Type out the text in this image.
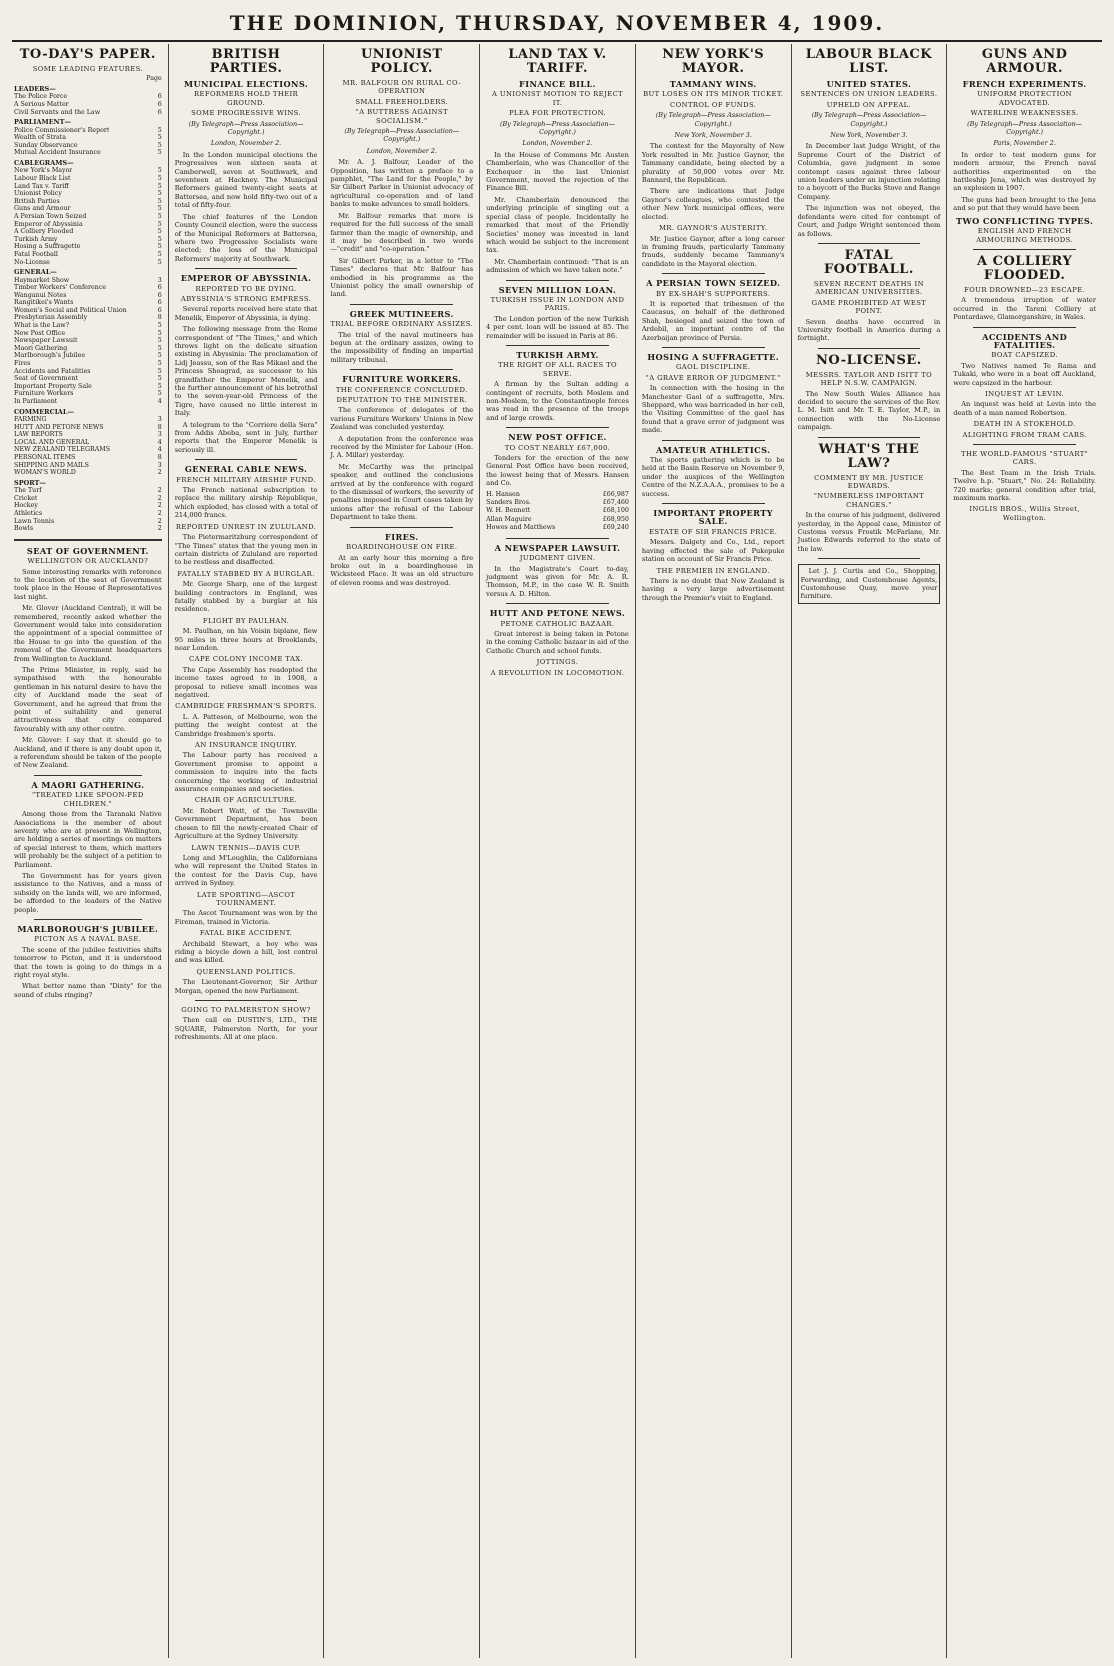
THE DOMINION, THURSDAY, NOVEMBER 4, 1909.
TO-DAY'S PAPER.
SOME LEADING FEATURES.
Page
LEADERS—
The Police Force	6
A Serious Matter	6
Civil Servants and the Law	6
PARLIAMENT—
Police Commissioner's Report	5
Wealth of Strata	5
Sunday Observance	5
Mutual Accident Insurance	5
CABLEGRAMS—
New York's Mayor	5
Labour Black List	5
Land Tax v. Tariff	5
Unionist Policy	5
British Parties	5
Guns and Armour	5
A Persian Town Seized	5
Emperor of Abyssinia	5
A Colliery Flooded	5
Turkish Army	5
Hosing a Suffragette	5
Fatal Football	5
No-License	5
GENERAL—
Haymarket Show	3
Timber Workers' Conference	6
Wanganui Notes	6
Rangitikei's Wants	6
Women's Social and Political Union	6
Presbyterian Assembly	8
What is the Law?	5
New Post Office	5
Newspaper Lawsuit	5
Maori Gathering	5
Marlborough's Jubilee	5
Fires	5
Accidents and Fatalities	5
Seat of Government	5
Important Property Sale	5
Furniture Workers	5
In Parliament	4
COMMERCIAL—
FARMING	3
HUTT AND PETONE NEWS	8
LAW REPORTS	3
LOCAL AND GENERAL	4
NEW ZEALAND TELEGRAMS	4
PERSONAL ITEMS	8
SHIPPING AND MAILS	3
WOMAN'S WORLD	2
SPORT—
The Turf	2
Cricket	2
Hockey	2
Athletics	2
Lawn Tennis	2
Bowls	2
SEAT OF GOVERNMENT.
WELLINGTON OR AUCKLAND?
Some interesting remarks with reference to the location of the seat of Government took place in the House of Representatives last night.
Mr. Glover (Auckland Central), it will be remembered, recently asked whether the Government would take into consideration the appointment of a special committee of the House to go into the question of the removal of the Government headquarters from Wellington to Auckland.
The Prime Minister, in reply, said he sympathised with the honourable gentleman in his natural desire to have the city of Auckland made the seat of Government, and he agreed that from the point of suitability and general attractiveness that city compared favourably with any other centre.
Mr. Glover: I say that it should go to Auckland, and if there is any doubt upon it, a referendum should be taken of the people of New Zealand.
A MAORI GATHERING.
"TREATED LIKE SPOON-FED CHILDREN."
Among those from the Taranaki Native Associations is the member of about seventy who are at present in Wellington, are holding a series of meetings on matters of special interest to them, which matters will probably be the subject of a petition to Parliament.
The Government has for years given assistance to the Natives, and a mass of subsidy on the lands will, we are informed, be afforded to the leaders of the Native people.
MARLBOROUGH'S JUBILEE.
PICTON AS A NAVAL BASE.
The scene of the jubilee festivities shifts tomorrow to Picton, and it is understood that the town is going to do things in a right royal style.
What better name than "Dinty" for the sound of clubs ringing?
BRITISH PARTIES.
MUNICIPAL ELECTIONS.
REFORMERS HOLD THEIR GROUND.
SOME PROGRESSIVE WINS.
(By Telegraph—Press Association—Copyright.)
London, November 2.
In the London municipal elections the Progressives won sixteen seats at Camberwell, seven at Southwark, and seventeen at Hackney. The Municipal Reformers gained twenty-eight seats at Battersea, and now hold fifty-two out of a total of fifty-four.
The chief features of the London County Council election, were the success of the Municipal Reformers at Battersea, where two Progressive Socialists were elected; the loss of the Municipal Reformers' majority at Southwark.
EMPEROR OF ABYSSINIA.
REPORTED TO BE DYING.
ABYSSINIA'S STRONG EMPRESS.
Several reports received here state that Menelik, Emperor of Abyssinia, is dying.
The following message from the Rome correspondent of "The Times," and which throws light on the delicate situation existing in Abyssinia: The proclamation of Lidj Jeassu, son of the Ras Mikael and the Princess Shoagrad, as successor to his grandfather the Emperor Menelik, and the further announcement of his betrothal to the seven-year-old Princess of the Tigre, have caused no little interest in Italy.
A telegram to the "Corriere della Sera" from Addis Abeba, sent in July, further reports that the Emperor Menelik is seriously ill.
GENERAL CABLE NEWS.
FRENCH MILITARY AIRSHIP FUND.
The French national subscription to replace the military airship République, which exploded, has closed with a total of 214,000 francs.
REPORTED UNREST IN ZULULAND.
The Pietermaritzburg correspondent of "The Times" states that the young men in certain districts of Zululand are reported to be restless and disaffected.
FATALLY STABBED BY A BURGLAR.
Mr. George Sharp, one of the largest building contractors in England, was fatally stabbed by a burglar at his residence.
FLIGHT BY PAULHAN.
M. Paulhan, on his Voisin biplane, flew 95 miles in three hours at Brooklands, near London.
CAPE COLONY INCOME TAX.
The Cape Assembly has readopted the income taxes agreed to in 1908, a proposal to relieve small incomes was negatived.
CAMBRIDGE FRESHMAN'S SPORTS.
L. A. Patteson, of Melbourne, won the putting the weight contest at the Cambridge freshmen's sports.
AN INSURANCE INQUIRY.
The Labour party has received a Government promise to appoint a commission to inquire into the facts concerning the working of industrial assurance companies and societies.
CHAIR OF AGRICULTURE.
Mr. Robert Watt, of the Townsville Government Department, has been chosen to fill the newly-created Chair of Agriculture at the Sydney University.
LAWN TENNIS—DAVIS CUP.
Long and M'Loughlin, the Californians who will represent the United States in the contest for the Davis Cup, have arrived in Sydney.
LATE SPORTING—ASCOT TOURNAMENT.
The Ascot Tournament was won by the Fireman, trained in Victoria.
FATAL BIKE ACCIDENT.
Archibald Stewart, a boy who was riding a bicycle down a hill, lost control and was killed.
QUEENSLAND POLITICS.
The Lieutenant-Governor, Sir Arthur Morgan, opened the new Parliament.
GOING TO PALMERSTON SHOW?
Then call on DUSTIN'S, LTD., THE SQUARE, Palmerston North, for your refreshments. All at one place.
UNIONIST POLICY.
MR. BALFOUR ON RURAL CO-OPERATION
SMALL FREEHOLDERS.
"A BUTTRESS AGAINST SOCIALISM."
(By Telegraph—Press Association—Copyright.)
London, November 2.
Mr. A. J. Balfour, Leader of the Opposition, has written a preface to a pamphlet, "The Land for the People," by Sir Gilbert Parker in Unionist advocacy of agricultural co-operation and of land banks to make advances to small holders.
Mr. Balfour remarks that more is required for the full success of the small farmer than the magic of ownership, and it may be described in two words—"credit" and "co-operation."
Sir Gilbert Parker, in a letter to "The Times" declares that Mr. Balfour has embodied in his programme as the Unionist policy the small ownership of land.
GREEK MUTINEERS.
TRIAL BEFORE ORDINARY ASSIZES.
The trial of the naval mutineers has begun at the ordinary assizes, owing to the impossibility of finding an impartial military tribunal.
FURNITURE WORKERS.
THE CONFERENCE CONCLUDED.
DEPUTATION TO THE MINISTER.
The conference of delegates of the various Furniture Workers' Unions in New Zealand was concluded yesterday.
A deputation from the conference was received by the Minister for Labour (Hon. J. A. Millar) yesterday.
Mr. McCarthy was the principal speaker, and outlined the conclusions arrived at by the conference with regard to the dismissal of workers, the severity of penalties imposed in Court cases taken by unions after the refusal of the Labour Department to take them.
FIRES.
BOARDINGHOUSE ON FIRE.
At an early hour this morning a fire broke out in a boardinghouse in Wicksteed Place. It was an old structure of eleven rooms and was destroyed.
LAND TAX V. TARIFF.
FINANCE BILL.
A UNIONIST MOTION TO REJECT IT.
PLEA FOR PROTECTION.
(By Telegraph—Press Association—Copyright.)
London, November 2.
In the House of Commons Mr. Austen Chamberlain, who was Chancellor of the Exchequer in the last Unionist Government, moved the rejection of the Finance Bill.
Mr. Chamberlain denounced the underlying principle of singling out a special class of people. Incidentally he remarked that most of the Friendly Societies' money was invested in land which would be subject to the increment tax.
Mr. Chamberlain continued: "That is an admission of which we have taken note."
SEVEN MILLION LOAN.
TURKISH ISSUE IN LONDON AND PARIS.
The London portion of the new Turkish 4 per cent. loan will be issued at 85. The remainder will be issued in Paris at 86.
TURKISH ARMY.
THE RIGHT OF ALL RACES TO SERVE.
A firman by the Sultan adding a contingent of recruits, both Moslem and non-Moslem, to the Constantinople forces was read in the presence of the troops and of large crowds.
NEW POST OFFICE.
TO COST NEARLY £67,000.
Tenders for the erection of the new General Post Office have been received, the lowest being that of Messrs. Hansen and Co.
H. Hansen	£66,987
Sanders Bros.	£67,460
W. H. Bennett	£68,100
Allan Maguire	£68,950
Howes and Matthews	£69,240
A NEWSPAPER LAWSUIT.
JUDGMENT GIVEN.
In the Magistrate's Court to-day, judgment was given for Mr. A. R. Thomson, M.P., in the case W. R. Smith versus A. D. Hilton.
HUTT AND PETONE NEWS.
PETONE CATHOLIC BAZAAR.
Great interest is being taken in Petone in the coming Catholic bazaar in aid of the Catholic Church and school funds.
JOTTINGS.
A REVOLUTION IN LOCOMOTION.
NEW YORK'S MAYOR.
TAMMANY WINS.
BUT LOSES ON ITS MINOR TICKET.
CONTROL OF FUNDS.
(By Telegraph—Press Association—Copyright.)
New York, November 3.
The contest for the Mayoralty of New York resulted in Mr. Justice Gaynor, the Tammany candidate, being elected by a plurality of 50,000 votes over Mr. Bannard, the Republican.
There are indications that Judge Gaynor's colleagues, who contested the other New York municipal offices, were elected.
MR. GAYNOR'S AUSTERITY.
Mr. Justice Gaynor, after a long career in framing frauds, particularly Tammany frauds, suddenly became Tammany's candidate in the Mayoral election.
A PERSIAN TOWN SEIZED.
BY EX-SHAH'S SUPPORTERS.
It is reported that tribesmen of the Caucasus, on behalf of the dethroned Shah, besieged and seized the town of Ardebil, an important centre of the Azerbaijan province of Persia.
HOSING A SUFFRAGETTE.
GAOL DISCIPLINE.
"A GRAVE ERROR OF JUDGMENT."
In connection with the hosing in the Manchester Gaol of a suffragette, Mrs. Sheppard, who was barricaded in her cell, the Visiting Committee of the gaol has found that a grave error of judgment was made.
AMATEUR ATHLETICS.
The sports gathering which is to be held at the Basin Reserve on November 9, under the auspices of the Wellington Centre of the N.Z.A.A.A., promises to be a success.
IMPORTANT PROPERTY SALE.
ESTATE OF SIR FRANCIS PRICE.
Messrs. Dalgety and Co., Ltd., report having effected the sale of Pukepuke station on account of Sir Francis Price.
THE PREMIER IN ENGLAND.
There is no doubt that New Zealand is having a very large advertisement through the Premier's visit to England.
LABOUR BLACK LIST.
UNITED STATES.
SENTENCES ON UNION LEADERS.
UPHELD ON APPEAL.
(By Telegraph—Press Association—Copyright.)
New York, November 3.
In December last Judge Wright, of the Supreme Court of the District of Columbia, gave judgment in some contempt cases against three labour union leaders under an injunction relating to a boycott of the Bucks Stove and Range Company.
The injunction was not obeyed, the defendants were cited for contempt of Court, and Judge Wright sentenced them as follows.
FATAL FOOTBALL.
SEVEN RECENT DEATHS IN AMERICAN UNIVERSITIES.
GAME PROHIBITED AT WEST POINT.
Seven deaths have occurred in University football in America during a fortnight.
NO-LICENSE.
MESSRS. TAYLOR AND ISITT TO HELP N.S.W. CAMPAIGN.
The New South Wales Alliance has decided to secure the services of the Rev. L. M. Isitt and Mr. T. E. Taylor, M.P., in connection with the No-License campaign.
WHAT'S THE LAW?
COMMENT BY MR. JUSTICE EDWARDS.
"NUMBERLESS IMPORTANT CHANGES."
In the course of his judgment, delivered yesterday, in the Appeal case, Minister of Customs versus Frostik McFarlane, Mr. Justice Edwards referred to the state of the law.
Let J. J. Curtis and Co., Shopping, Forwarding, and Customhouse Agents, Customhouse Quay, move your furniture.
GUNS AND ARMOUR.
FRENCH EXPERIMENTS.
UNIFORM PROTECTION ADVOCATED.
WATERLINE WEAKNESSES.
(By Telegraph—Press Association—Copyright.)
Paris, November 2.
In order to test modern guns for modern armour, the French naval authorities experimented on the battleship Jena, which was destroyed by an explosion in 1907.
The guns had been brought to the Jena and so put that they would have been
TWO CONFLICTING TYPES.
ENGLISH AND FRENCH ARMOURING METHODS.
A COLLIERY FLOODED.
FOUR DROWNED—23 ESCAPE.
A tremendous irruption of water occurred in the Tareni Colliery at Pontardawe, Glamorganshire, in Wales.
ACCIDENTS AND FATALITIES.
BOAT CAPSIZED.
Two Natives named Te Rama and Tukaki, who were in a boat off Auckland, were capsized in the harbour.
INQUEST AT LEVIN.
An inquest was held at Levin into the death of a man named Robertson.
DEATH IN A STOKEHOLD.
ALIGHTING FROM TRAM CARS.
THE WORLD-FAMOUS "STUART" CARS.
The Best Team in the Irish Trials. Twelve h.p. "Stuart," No. 24: Reliability. 720 marks; general condition after trial, maximum marks.
INGLIS BROS., Willis Street, Wellington.
